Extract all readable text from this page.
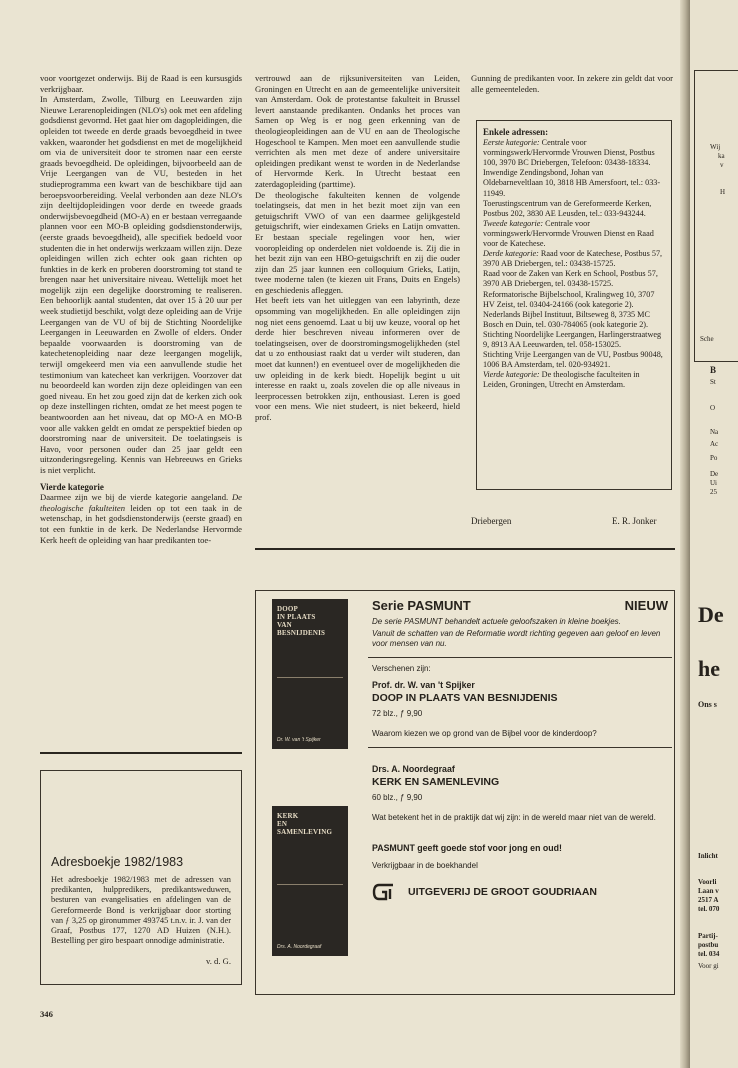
voor voortgezet onderwijs. Bij de Raad is een kursusgids verkrijgbaar.

In Amsterdam, Zwolle, Tilburg en Leeuwarden zijn Nieuwe Lerarenopleidingen (NLO's) ook met een afdeling godsdienst gevormd. Het gaat hier om dagopleidingen, die opleiden tot tweede en derde graads bevoegdheid in twee vakken, waaronder het godsdienst en met de mogelijkheid om via de universiteit door te stromen naar een eerste graads bevoegdheid. De opleidingen, bijvoorbeeld aan de Vrije Leergangen van de VU, besteden in het studieprogramma een kwart van de beschikbare tijd aan beroepsvoorbereiding. Veelal verbonden aan deze NLO's zijn deeltijdopleidingen voor derde en tweede graads onderwijsbevoegdheid (MO-A) en er bestaan verregaande plannen voor een MO-B opleiding godsdienstonderwijs, (eerste graads bevoegdheid), alle specifiek bedoeld voor studenten die in het onderwijs werkzaam willen zijn. Deze opleidingen willen zich echter ook gaan richten op funkties in de kerk en proberen doorstroming tot stand te brengen naar het universitaire niveau. Wettelijk moet het mogelijk zijn een degelijke doorstroming te realiseren. Een behoorlijk aantal studenten, dat over 15 à 20 uur per week studietijd beschikt, volgt deze opleiding aan de Vrije Leergangen van de VU of bij de Stichting Noordelijke Leergangen in Leeuwarden en Zwolle of elders. Onder bepaalde voorwaarden is doorstroming van de katechetenopleiding naar deze leergangen mogelijk, terwijl omgekeerd men via een aanvullende studie het testimonium van katecheet kan verkrijgen. Voorzover dat nu beoordeeld kan worden zijn deze opleidingen van een goed niveau. En het zou goed zijn dat de kerken zich ook op deze instellingen richten, omdat ze het meest pogen te beantwoorden aan het niveau, dat op MO-A en MO-B voor alle vakken geldt en omdat ze perspektief bieden op doorstroming naar de universiteit. De toelatingseis is Havo, voor personen ouder dan 25 jaar geldt een uitzonderingsregeling. Kennis van Hebreeuws en Grieks is niet verplicht.

Vierde kategorie

Daarmee zijn we bij de vierde kategorie aangeland. De theologische fakulteiten leiden op tot een taak in de wetenschap, in het godsdienstonderwijs (eerste graad) en tot een funktie in de kerk. De Nederlandse Hervormde Kerk heeft de opleiding van haar predikanten toe-

vertrouwd aan de rijksuniversiteiten van Leiden, Groningen en Utrecht en aan de gemeentelijke universiteit van Amsterdam. Ook de protestantse fakulteit in Brussel levert aanstaande predikanten. Ondanks het proces van Samen op Weg is er nog geen erkenning van de theologieopleidingen aan de VU en aan de Theologische Hogeschool te Kampen. Men moet een aanvullende studie verrichten als men met deze of andere universitaire opleidingen predikant wenst te worden in de Nederlandse of Hervormde Kerk. In Utrecht bestaat een zaterdagopleiding (parttime).

De theologische fakulteiten kennen de volgende toelatingseis, dat men in het bezit moet zijn van een getuigschrift VWO of van een daarmee gelijkgesteld getuigschrift, wier eindexamen Grieks en Latijn omvatten. Er bestaan speciale regelingen voor hen, wier vooropleiding op onderdelen niet voldoende is. Zij die in het bezit zijn van een HBO-getuigschrift en zij die ouder zijn dan 25 jaar kunnen een colloquium Grieks, Latijn, twee moderne talen (te kiezen uit Frans, Duits en Engels) en geschiedenis afleggen.

Het beeft iets van het uitleggen van een labyrinth, deze opsomming van mogelijkheden. En alle opleidingen zijn nog niet eens genoemd. Laat u bij uw keuze, vooral op het derde hier beschreven niveau informeren over de toelatingseisen, over de doorstromingsmogelijkheden (stel dat u zo enthousiast raakt dat u verder wilt studeren, dan moet dat kunnen!) en eventueel over de mogelijkheden die uw opleiding in de kerk biedt. Hopelijk begint u uit interesse en raakt u, zoals zovelen die op alle niveaus in leerprocessen betrokken zijn, enthousiast. Leren is goed voor een mens. Wie niet studeert, is niet bekeerd, hield prof.

Gunning de predikanten voor. In zekere zin geldt dat voor alle gemeenteleden.

Enkele adressen:

Eerste kategorie: Centrale voor vormingswerk/Hervormde Vrouwen Dienst, Postbus 100, 3970 BC Driebergen, Telefoon: 03438-18334.

Inwendige Zendingsbond, Johan van Oldebarneveltlaan 10, 3818 HB Amersfoort, tel.: 033-11949.

Toerustingscentrum van de Gereformeerde Kerken, Postbus 202, 3830 AE Leusden, tel.: 033-943244.

Tweede kategorie: Centrale voor vormingswerk/Hervormde Vrouwen Dienst en Raad voor de Katechese.

Derde kategorie: Raad voor de Katechese, Postbus 57, 3970 AB Driebergen, tel.: 03438-15725.

Raad voor de Zaken van Kerk en School, Postbus 57, 3970 AB Driebergen, tel. 03438-15725.

Reformatorische Bijbelschool, Kralingweg 10, 3707 HV Zeist, tel. 03404-24166 (ook kategorie 2).

Nederlands Bijbel Instituut, Biltseweg 8, 3735 MC Bosch en Duin, tel. 030-784065 (ook kategorie 2).

Stichting Noordelijke Leergangen, Harlingerstraatweg 9, 8913 AA Leeuwarden, tel. 058-153025.

Stichting Vrije Leergangen van de VU, Postbus 90048, 1006 BA Amsterdam, tel. 020-934921.

Vierde kategorie: De theologische faculteiten in Leiden, Groningen, Utrecht en Amsterdam.

Driebergen	E. R. Jonker
Adresboekje 1982/1983

Het adresboekje 1982/1983 met de adressen van predikanten, hulppredikers, predikantsweduwen, besturen van evangelisaties en afdelingen van de Gereformeerde Bond is verkrijgbaar door storting van ƒ 3,25 op gironummer 493745 t.n.v. ir. J. van der Graaf, Postbus 177, 1270 AD Huizen (N.H.). Bestelling per giro bespaart onnodige administratie.

v. d. G.

346
DOOP
IN PLAATS
VAN
BESNIJDENIS
Dr. W. van 't Spijker
KERK
EN
SAMENLEVING
Drs. A. Noordegraaf
Serie PASMUNT	NIEUW

De serie PASMUNT behandelt actuele geloofszaken in kleine boekjes.

Vanuit de schatten van de Reformatie wordt richting gegeven aan geloof en leven voor mensen van nu.

Verschenen zijn:

Prof. dr. W. van 't Spijker

DOOP IN PLAATS VAN BESNIJDENIS

72 blz., ƒ 9,90

Waarom kiezen we op grond van de Bijbel voor de kinderdoop?

Drs. A. Noordegraaf

KERK EN SAMENLEVING

60 blz., ƒ 9,90

Wat betekent het in de praktijk dat wij zijn: in de wereld maar niet van de wereld.

PASMUNT geeft goede stof voor jong en oud!

Verkrijgbaar in de boekhandel

UITGEVERIJ DE GROOT GOUDRIAAN
Wij
ka
v
H
Sche
B
St
O
Na
Ac
Po
De
Ui
25
De
he
Ons s
Inlicht
Voorli
Laan v
2517 A
tel. 070
Partij-
postbu
tel. 034
Voor gi
